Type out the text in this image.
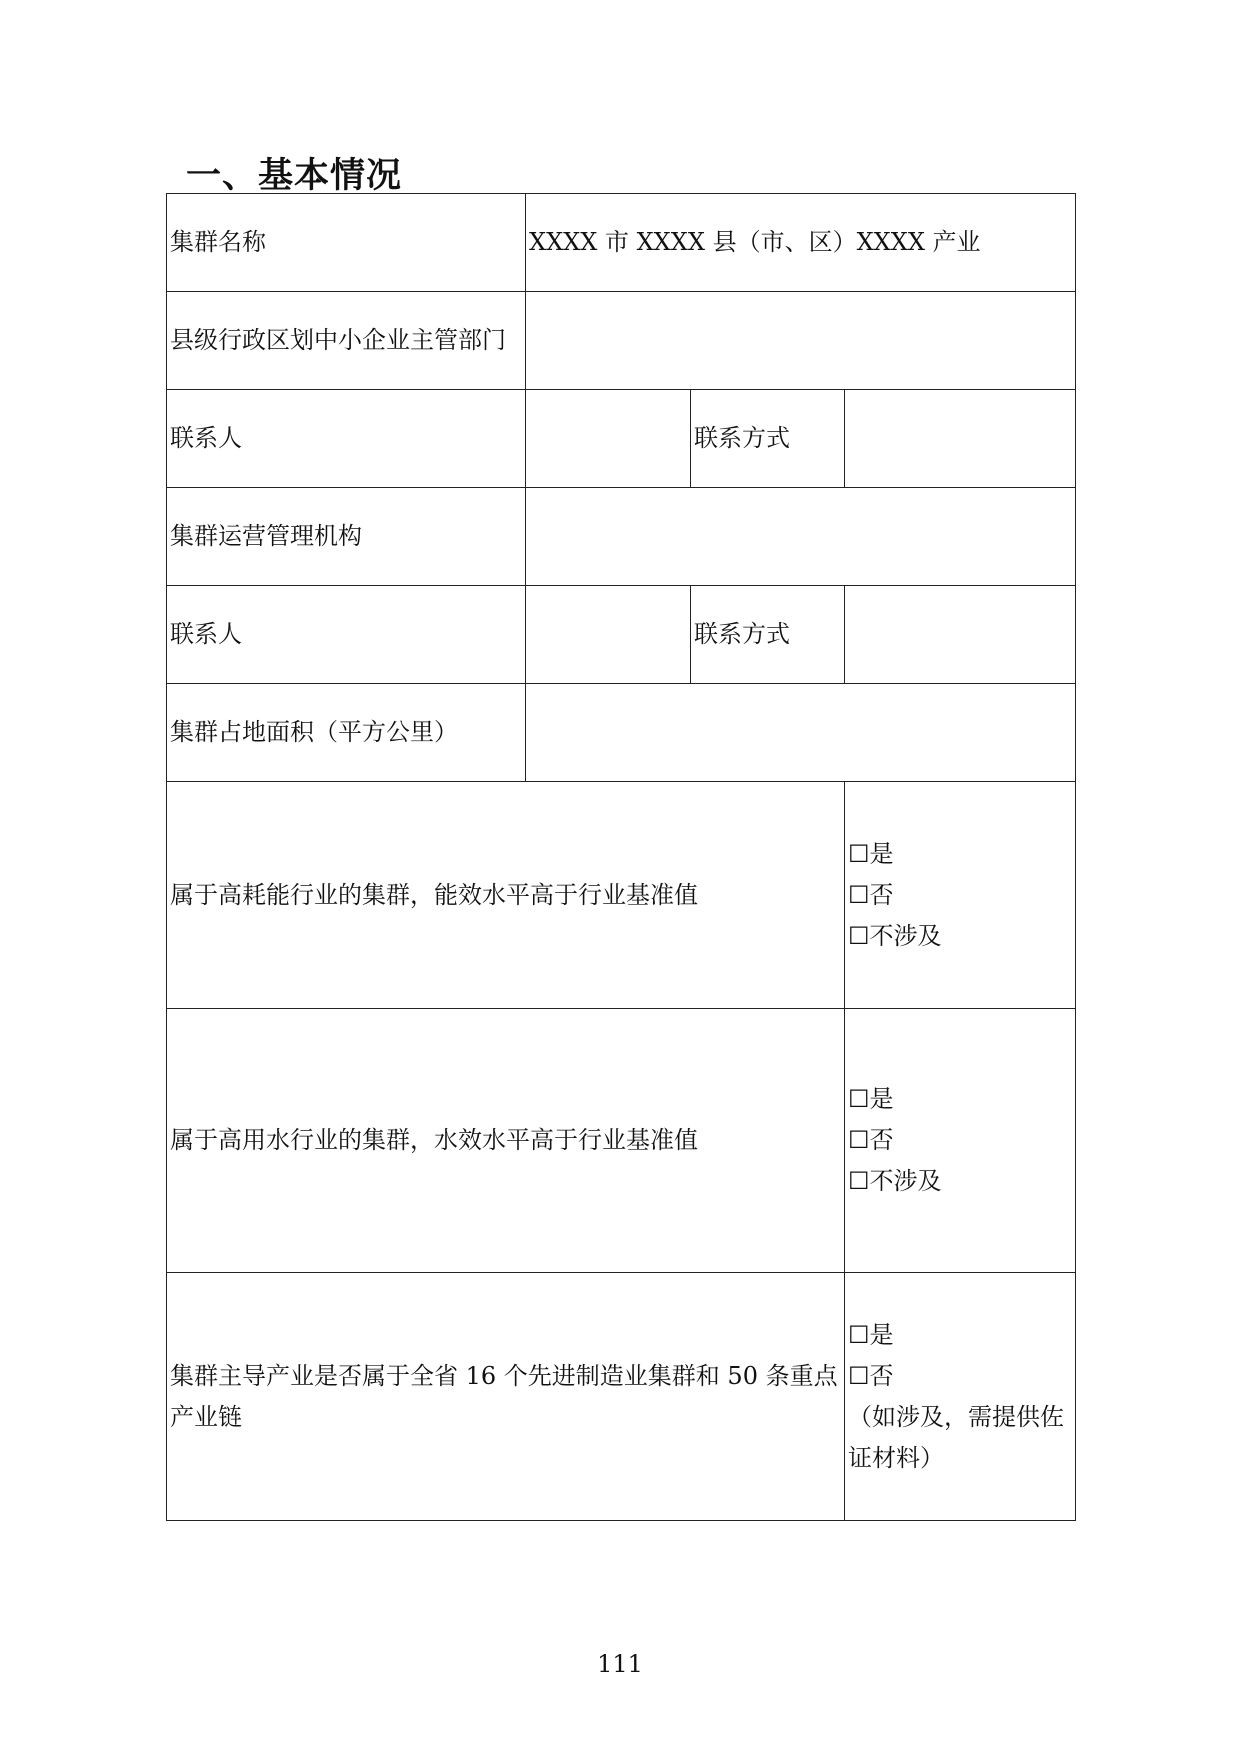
一、基本情况
集群名称	XXXX 市 XXXX 县（市、区）XXXX 产业		
县级行政区划中小企业主管部门			
联系人		联系方式	
集群运营管理机构			
联系人		联系方式	
集群占地面积（平方公里）			
属于高耗能行业的集群，能效水平高于行业基准值			☐是
☐否
☐不涉及

属于高用水行业的集群，水效水平高于行业基准值			☐是
☐否
☐不涉及

集群主导产业是否属于全省 16 个先进制造业集群和 50 条重点产业链			☐是
☐否
（如涉及，需提供佐证材料）
111
